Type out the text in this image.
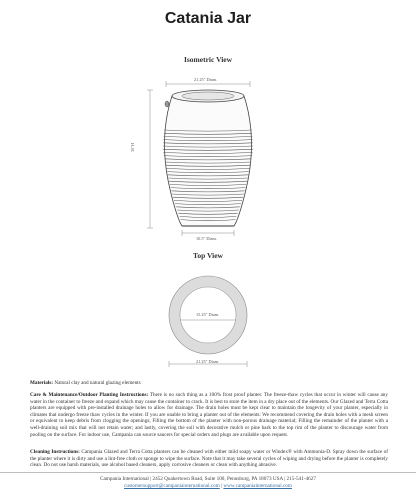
Catania Jar
Isometric View
21.25" Diam.
30"H
10.5" Diam.
Top View
15.25" Diam.
21.25" Diam.
Materials: Natural clay and natural glazing elements
Care & Maintenance/Outdoor Planting Instructions: There is no such thing as a 100% frost proof planter. The freeze-thaw cycles that occur in winter will cause any water in the container to freeze and expand which may cause the container to crack. It is best to store the item in a dry place out of the elements. Our Glazed and Terra Cotta planters are equipped with pre-installed drainage holes to allow for drainage. The drain holes must be kept clear to maintain the longevity of your planter, especially in climates that undergo freeze thaw cycles in the winter. If you are unable to bring a planter out of the elements: We recommend covering the drain holes with a mesh screen or equivalent to keep debris from clogging the openings; Filling the bottom of the planter with non-porous drainage material; Filling the remainder of the planter with a well-draining soil mix that will not retain water; and lastly, covering the soil with decorative mulch or pine bark to the top rim of the planter to discourage water from pooling on the surface. For indoor use, Campania can source saucers for special orders and plugs are available upon request.
Cleaning Instructions: Campania Glazed and Terra Cotta planters can be cleaned with either mild soapy water or Windex® with Ammonia-D. Spray down the surface of the planter where it is dirty and use a lint-free cloth or sponge to wipe the surface. Note that it may take several cycles of wiping and drying before the planter is completely clean. Do not use harsh materials, use alcohol based cleaners, apply corrosive cleaners or clean with anything abrasive.
Campania International | 2452 Quakertown Road, Suite 100, Pennsburg, PA 18073 USA | 215-541-4627
customersupport@campaniainternational.com | www.campaniainternational.com
